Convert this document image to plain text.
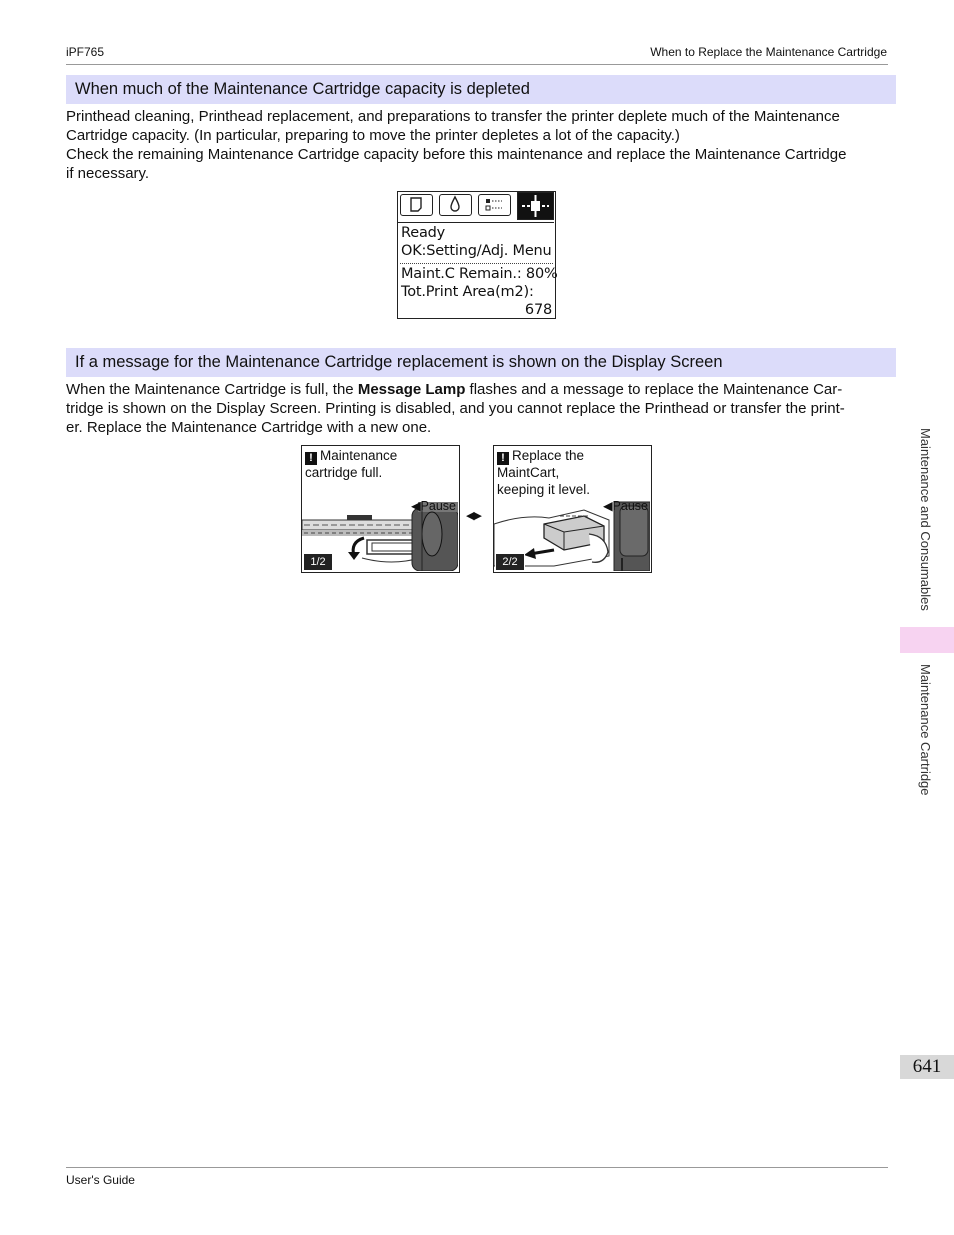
iPF765	When to Replace the Maintenance Cartridge
When much of the Maintenance Cartridge capacity is depleted

Printhead cleaning, Printhead replacement, and preparations to transfer the printer deplete much of the Maintenance

Cartridge capacity. (In particular, preparing to move the printer depletes a lot of the capacity.)

Check the remaining Maintenance Cartridge capacity before this maintenance and replace the Maintenance Cartridge

if necessary.

Ready
OK:Setting/Adj. Menu
Maint.C Remain.: 80%
Tot.Print Area(m2):
678
If a message for the Maintenance Cartridge replacement is shown on the Display Screen

When the Maintenance Cartridge is full, the Message Lamp flashes and a message to replace the Maintenance Car-

tridge is shown on the Display Screen. Printing is disabled, and you cannot replace the Printhead or transfer the print-

er. Replace the Maintenance Cartridge with a new one.

! Maintenance
cartridge full.
◀Pause
1/2
◀▶
! Replace the
MaintCart,
keeping it level.
◀Pause
2/2	Maintenance and Consumables
Maintenance Cartridge
641
User's Guide
